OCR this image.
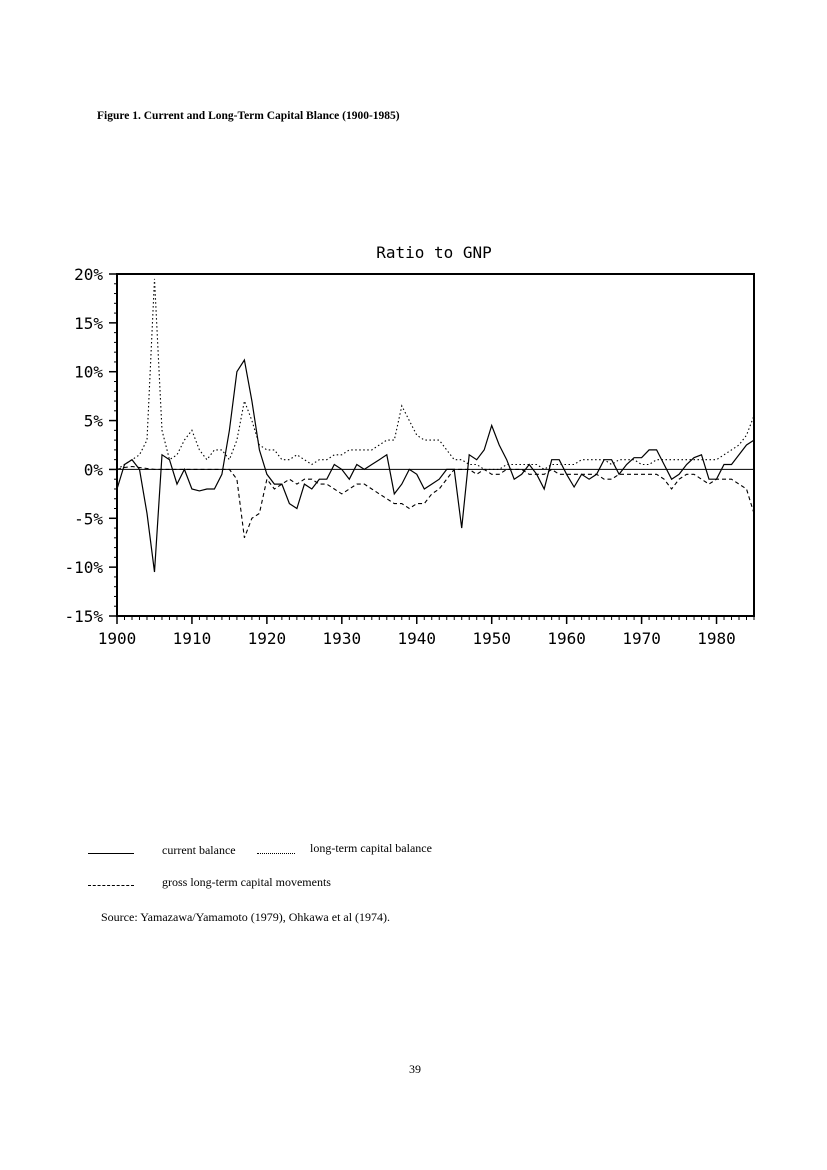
Figure 1. Current and Long-Term Capital Blance (1900-1985)
Ratio to GNP
-15%
-10%
-5%
0%
5%
10%
15%
20%
1900 1910 1920 1930 1940 1950 1960 1970 1980
current balance	long-term capital balance
gross long-term capital movements
Source: Yamazawa/Yamamoto (1979), Ohkawa et al (1974).
39
